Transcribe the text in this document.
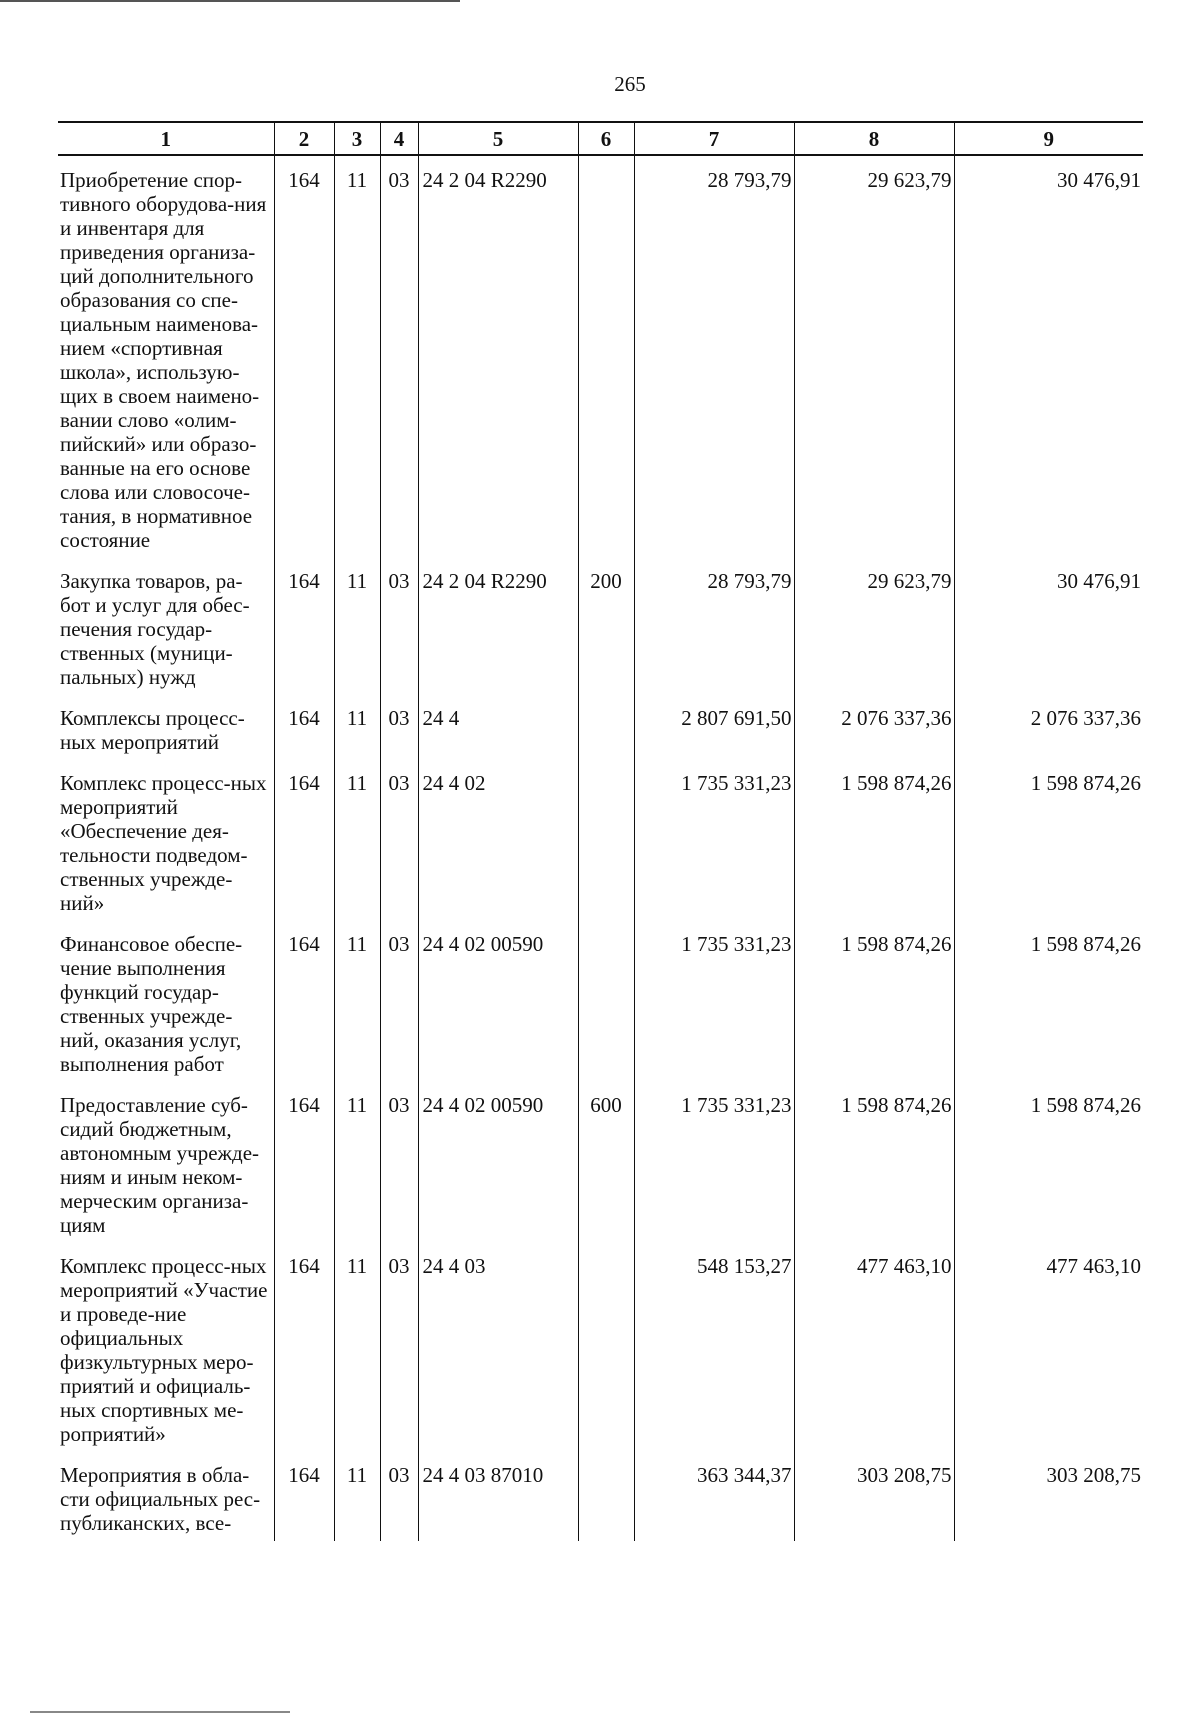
265
1	2	3	4	5	6	7	8	9
Приобретение спор-тивного оборудова-ния и инвентаря для приведения организа-ций дополнительного образования со спе-циальным наименова-нием «спортивная школа», использую-щих в своем наимено-вании слово «олим-пийский» или образо-ванные на его основе слова или словосоче-тания, в нормативное состояние	164	11	03	24 2 04 R2290		28 793,79	29 623,79	30 476,91
Закупка товаров, ра-бот и услуг для обес-печения государ-ственных (муници-пальных) нужд	164	11	03	24 2 04 R2290	200	28 793,79	29 623,79	30 476,91
Комплексы процесс-ных мероприятий	164	11	03	24 4		2 807 691,50	2 076 337,36	2 076 337,36
Комплекс процесс-ных мероприятий «Обеспечение дея-тельности подведом-ственных учрежде-ний»	164	11	03	24 4 02		1 735 331,23	1 598 874,26	1 598 874,26
Финансовое обеспе-чение выполнения функций государ-ственных учрежде-ний, оказания услуг, выполнения работ	164	11	03	24 4 02 00590		1 735 331,23	1 598 874,26	1 598 874,26
Предоставление суб-сидий бюджетным, автономным учрежде-ниям и иным неком-мерческим организа-циям	164	11	03	24 4 02 00590	600	1 735 331,23	1 598 874,26	1 598 874,26
Комплекс процесс-ных мероприятий «Участие и проведе-ние официальных физкультурных меро-приятий и официаль-ных спортивных ме-роприятий»	164	11	03	24 4 03		548 153,27	477 463,10	477 463,10
Мероприятия в обла-сти официальных рес-публиканских, все-	164	11	03	24 4 03 87010		363 344,37	303 208,75	303 208,75
